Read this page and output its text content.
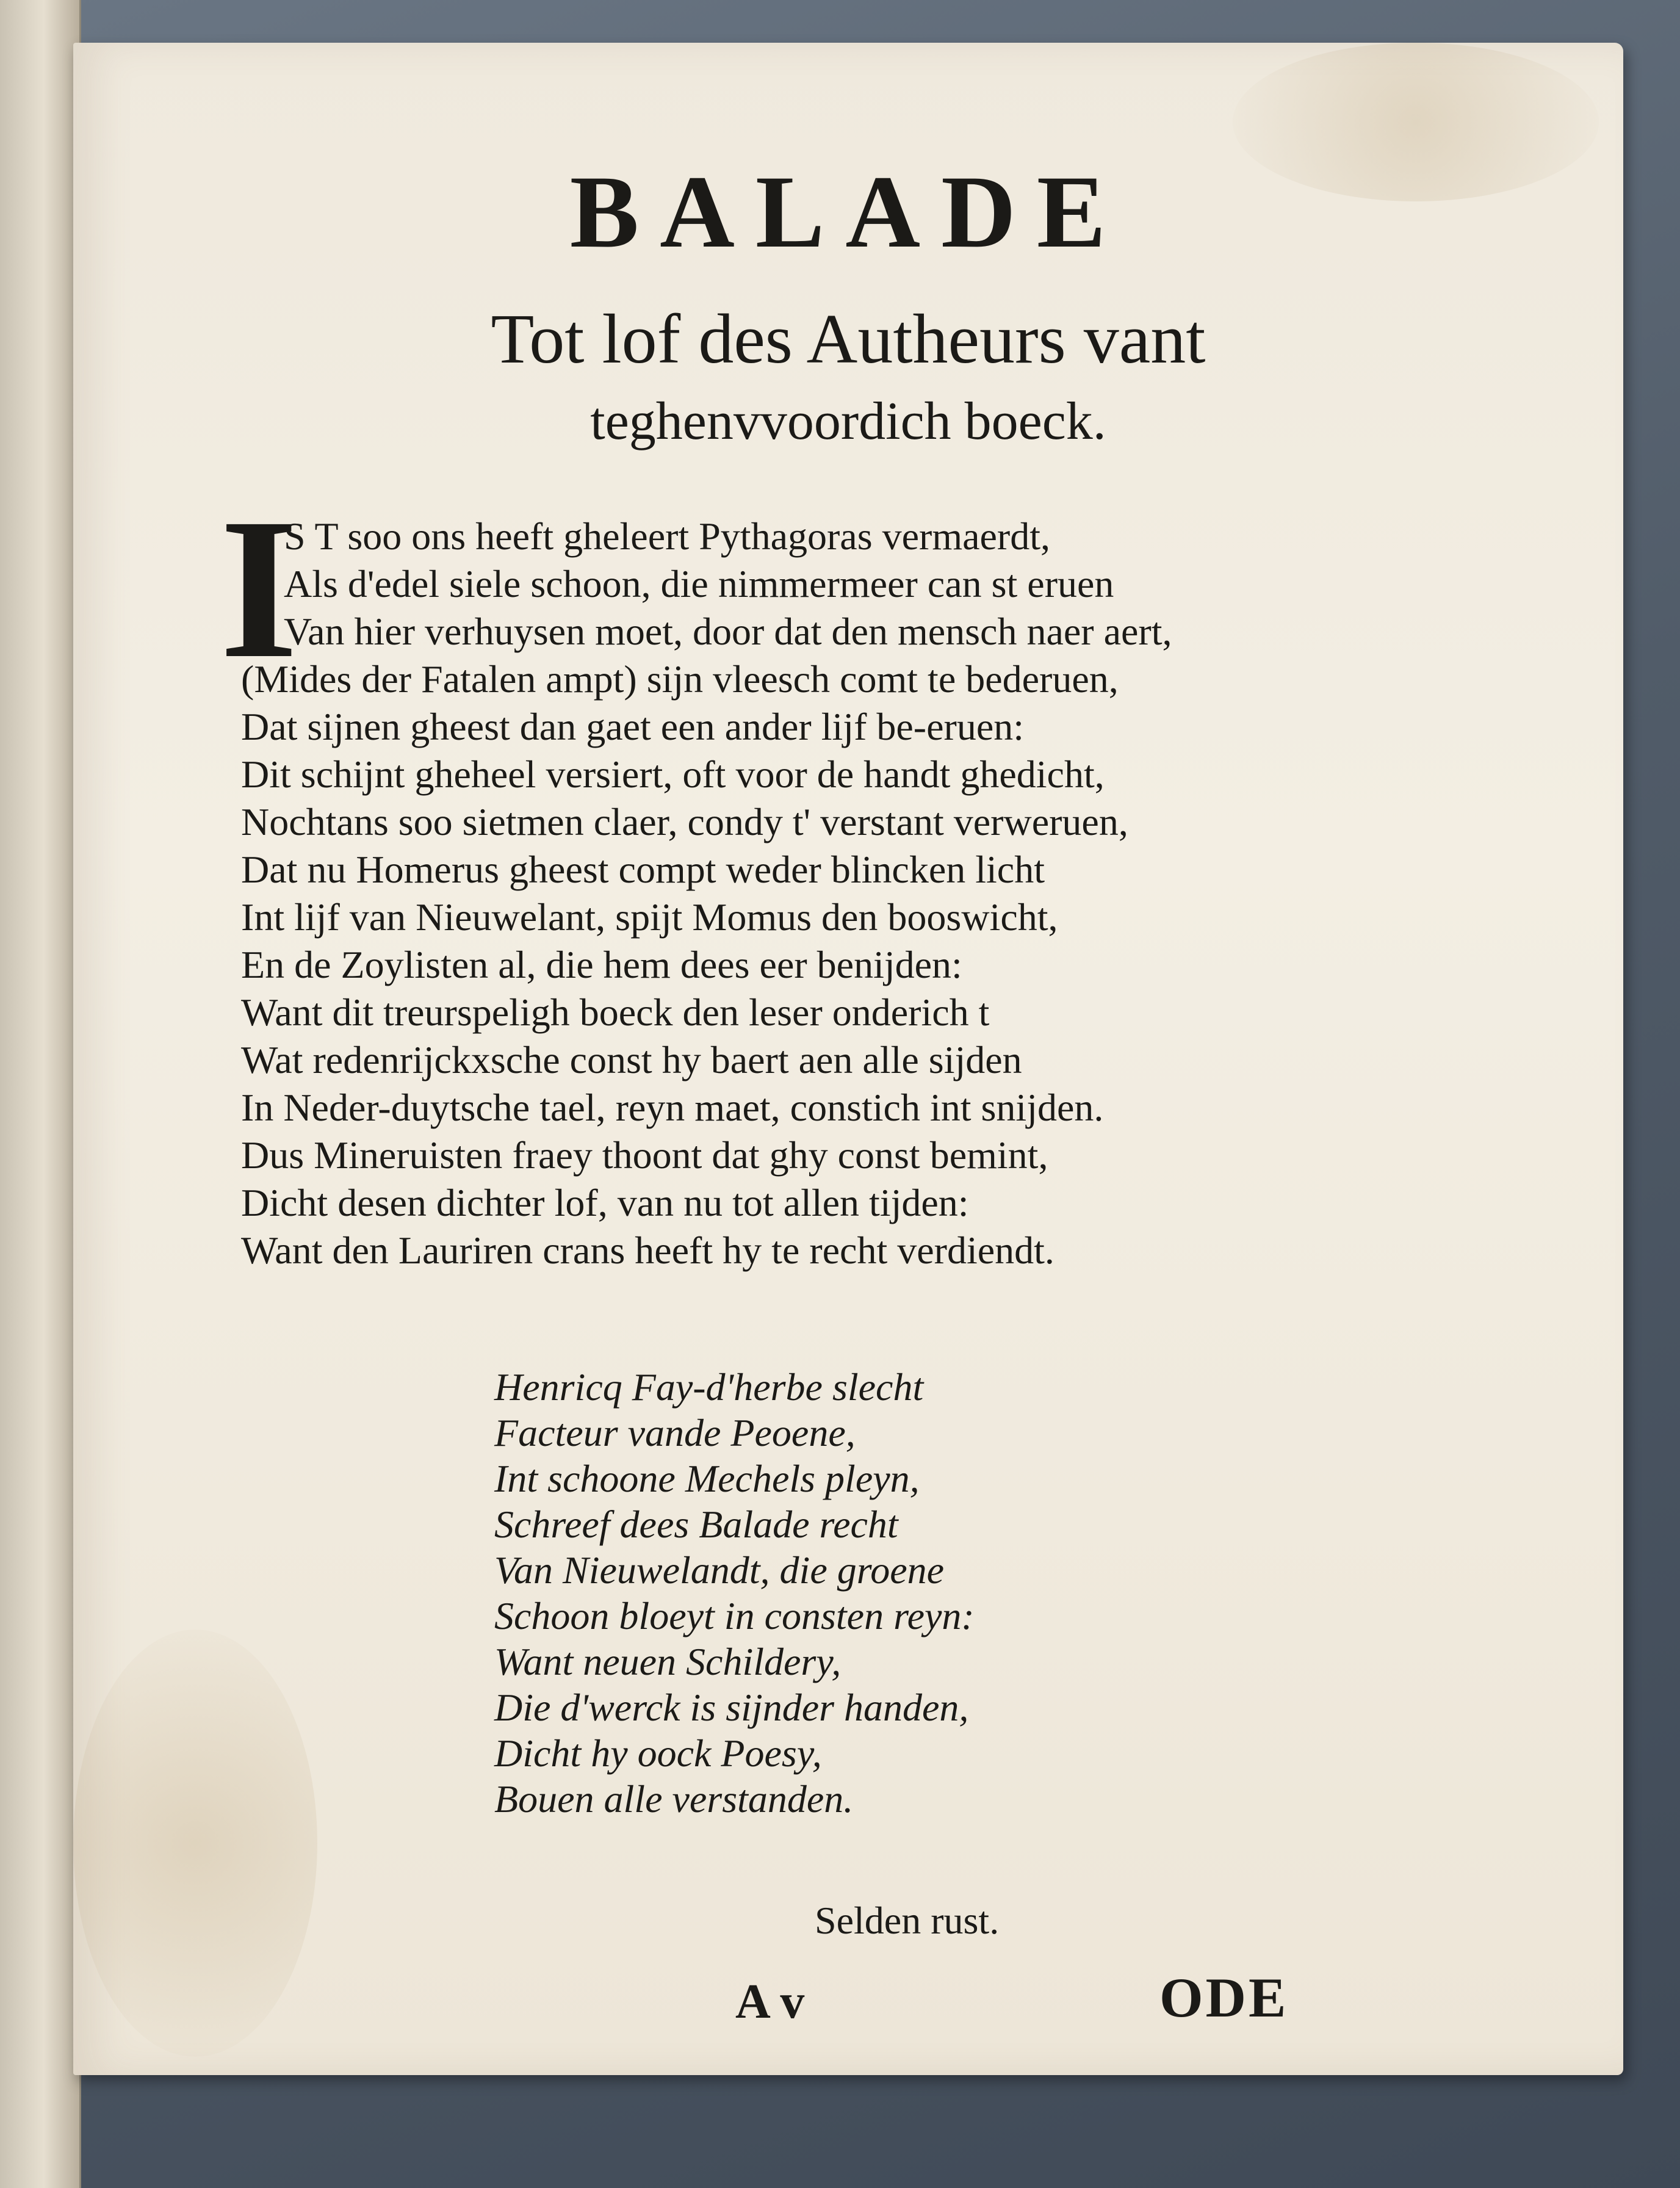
BALADE
Tot lof des Autheurs vant
teghenvvoordich boeck.
I
S T soo ons heeft gheleert Pythagoras vermaerdt,
Als d'edel siele schoon, die nimmermeer can st eruen
Van hier verhuysen moet, door dat den mensch naer aert,
(Mides der Fatalen ampt) sijn vleesch comt te bederuen,
Dat sijnen gheest dan gaet een ander lijf be-eruen:
Dit schijnt gheheel versiert, oft voor de handt ghedicht,
Nochtans soo sietmen claer, condy t' verstant verweruen,
Dat nu Homerus gheest compt weder blincken licht
Int lijf van Nieuwelant, spijt Momus den booswicht,
En de Zoylisten al, die hem dees eer benijden:
Want dit treurspeligh boeck den leser onderich t
Wat redenrijckxsche const hy baert aen alle sijden
In Neder-duytsche tael, reyn maet, constich int snijden.
Dus Mineruisten fraey thoont dat ghy const bemint,
Dicht desen dichter lof, van nu tot allen tijden:
Want den Lauriren crans heeft hy te recht verdiendt.
Henricq Fay-d'herbe slecht
Facteur vande Peoene,
Int schoone Mechels pleyn,
Schreef dees Balade recht
Van Nieuwelandt, die groene
Schoon bloeyt in consten reyn:
Want neuen Schildery,
Die d'werck is sijnder handen,
Dicht hy oock Poesy,
Bouen alle verstanden.
Selden rust.
A v	ODE
